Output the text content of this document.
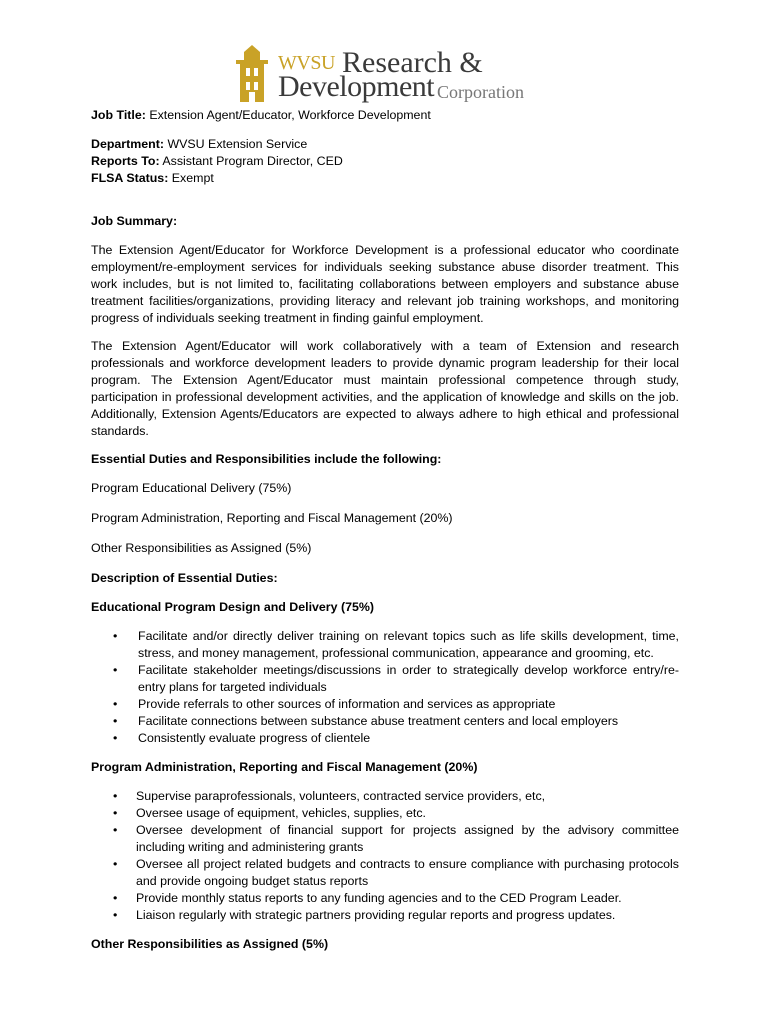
WVSU Research &
Development Corporation
Job Title: Extension Agent/Educator, Workforce Development
Department: WVSU Extension Service
Reports To: Assistant Program Director, CED
FLSA Status: Exempt
Job Summary:

The Extension Agent/Educator for Workforce Development is a professional educator who coordinate employment/re-employment services for individuals seeking substance abuse disorder treatment. This work includes, but is not limited to, facilitating collaborations between employers and substance abuse treatment facilities/organizations, providing literacy and relevant job training workshops, and monitoring progress of individuals seeking treatment in finding gainful employment.

The Extension Agent/Educator will work collaboratively with a team of Extension and research professionals and workforce development leaders to provide dynamic program leadership for their local program. The Extension Agent/Educator must maintain professional competence through study, participation in professional development activities, and the application of knowledge and skills on the job. Additionally, Extension Agents/Educators are expected to always adhere to high ethical and professional standards.

Essential Duties and Responsibilities include the following:
Program Educational Delivery (75%)
Program Administration, Reporting and Fiscal Management (20%)
Other Responsibilities as Assigned (5%)
Description of Essential Duties:
Educational Program Design and Delivery (75%)
• Facilitate and/or directly deliver training on relevant topics such as life skills development, time, stress, and money management, professional communication, appearance and grooming, etc.
• Facilitate stakeholder meetings/discussions in order to strategically develop workforce entry/re-entry plans for targeted individuals
• Provide referrals to other sources of information and services as appropriate
• Facilitate connections between substance abuse treatment centers and local employers
• Consistently evaluate progress of clientele
Program Administration, Reporting and Fiscal Management (20%)
• Supervise paraprofessionals, volunteers, contracted service providers, etc,
• Oversee usage of equipment, vehicles, supplies, etc.
• Oversee development of financial support for projects assigned by the advisory committee including writing and administering grants
• Oversee all project related budgets and contracts to ensure compliance with purchasing protocols and provide ongoing budget status reports
• Provide monthly status reports to any funding agencies and to the CED Program Leader.
• Liaison regularly with strategic partners providing regular reports and progress updates.
Other Responsibilities as Assigned (5%)
